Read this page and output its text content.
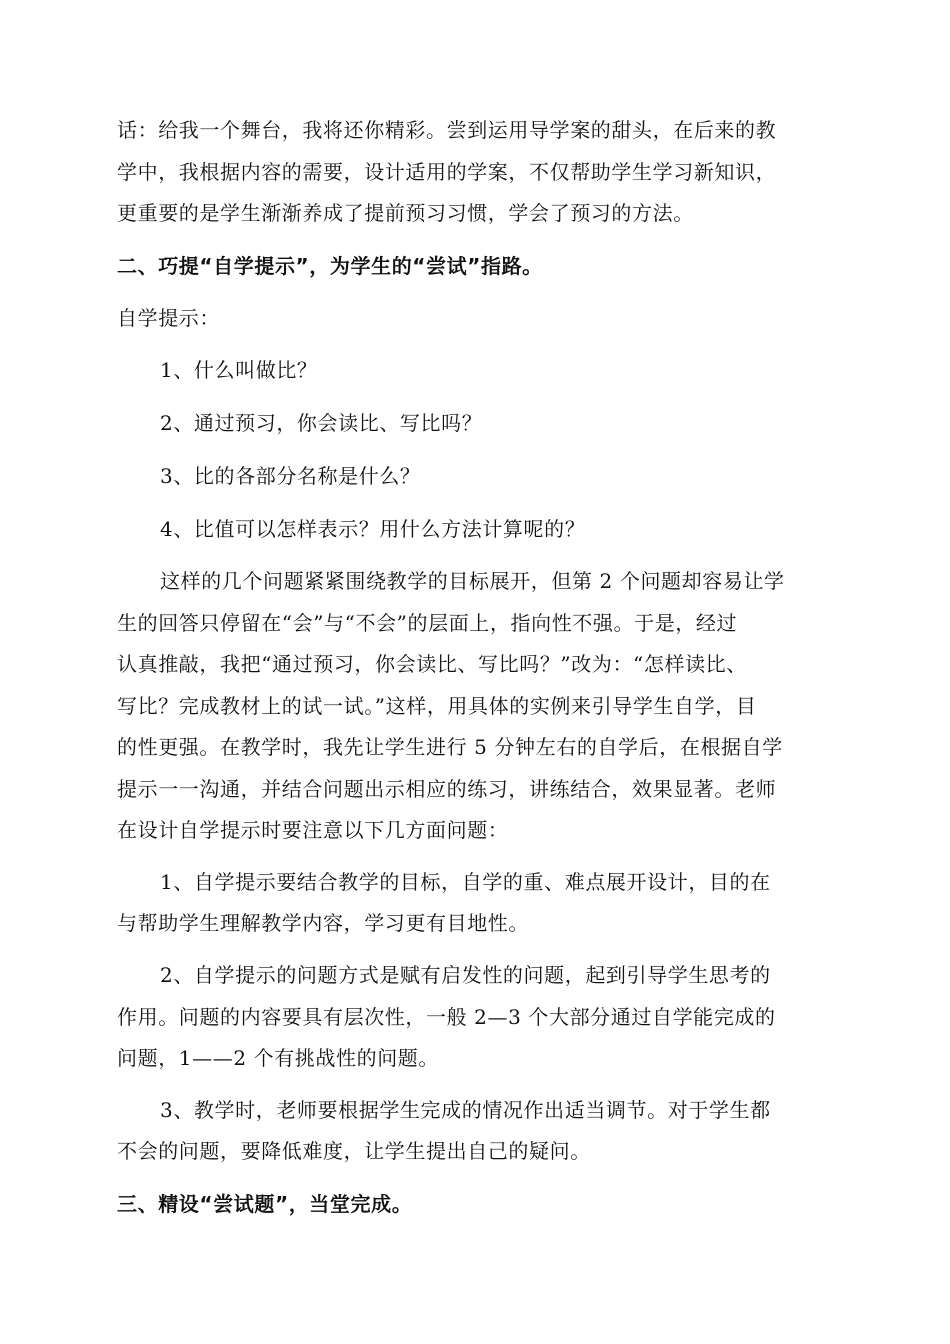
话：给我一个舞台，我将还你精彩。尝到运用导学案的甜头，在后来的教
学中，我根据内容的需要，设计适用的学案，不仅帮助学生学习新知识，
更重要的是学生渐渐养成了提前预习习惯，学会了预习的方法。
二、巧提“自学提示”，为学生的“尝试”指路。
自学提示：
1、什么叫做比？
2、通过预习，你会读比、写比吗？
3、比的各部分名称是什么？
4、比值可以怎样表示？用什么方法计算呢的？
这样的几个问题紧紧围绕教学的目标展开，但第 2 个问题却容易让学
生的回答只停留在“会”与“不会”的层面上，指向性不强。于是，经过
认真推敲，我把“通过预习，你会读比、写比吗？”改为：“怎样读比、
写比？完成教材上的试一试。”这样，用具体的实例来引导学生自学，目
的性更强。在教学时，我先让学生进行 5 分钟左右的自学后，在根据自学
提示一一沟通，并结合问题出示相应的练习，讲练结合，效果显著。老师
在设计自学提示时要注意以下几方面问题：
1、自学提示要结合教学的目标，自学的重、难点展开设计，目的在
与帮助学生理解教学内容，学习更有目地性。
2、自学提示的问题方式是赋有启发性的问题，起到引导学生思考的
作用。问题的内容要具有层次性，一般 2—3 个大部分通过自学能完成的
问题，1——2 个有挑战性的问题。
3、教学时，老师要根据学生完成的情况作出适当调节。对于学生都
不会的问题，要降低难度，让学生提出自己的疑问。
三、精设“尝试题”，当堂完成。
